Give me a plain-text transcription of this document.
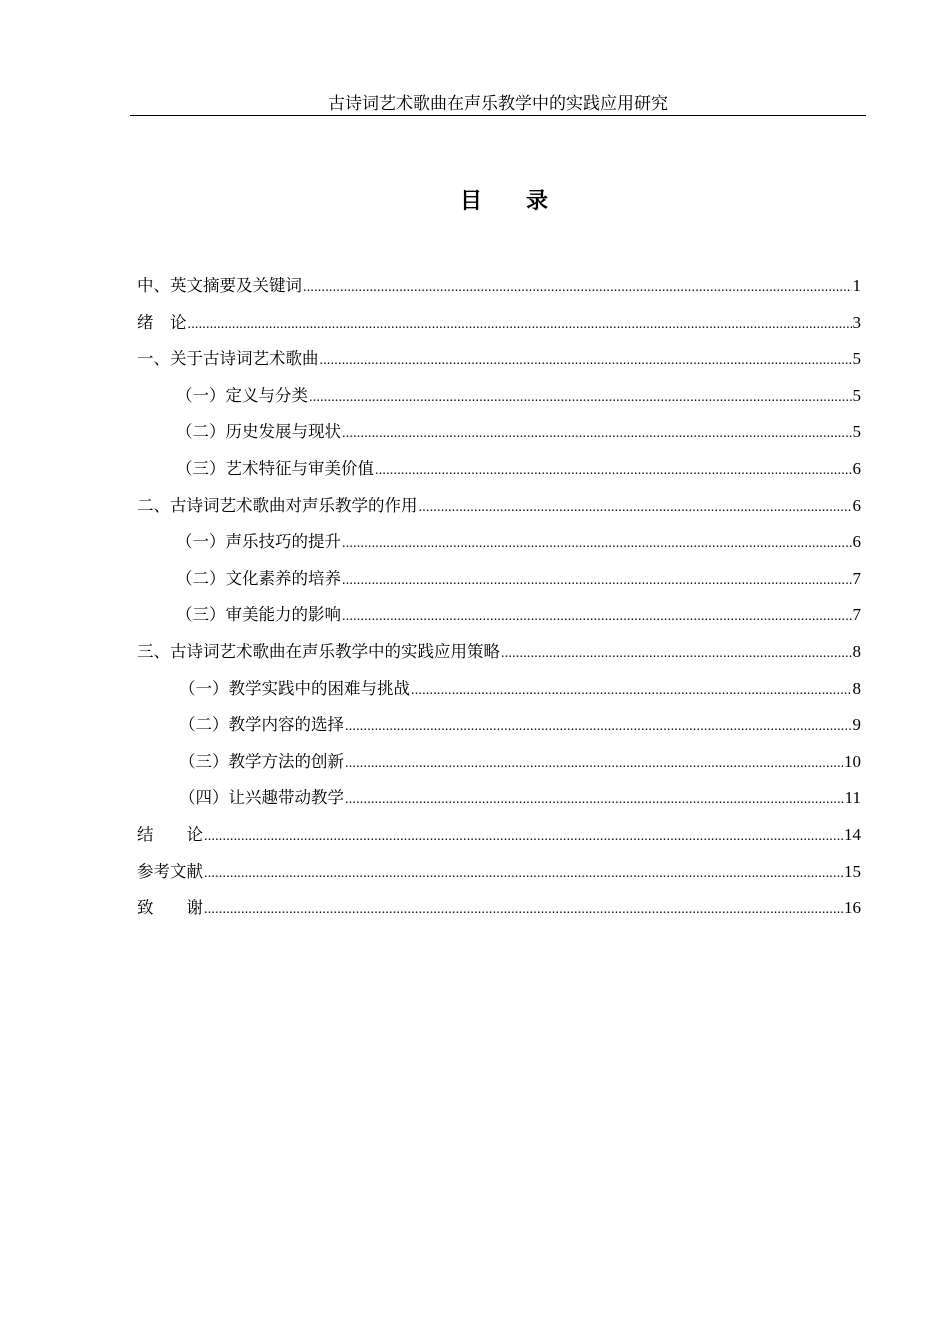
古诗词艺术歌曲在声乐教学中的实践应用研究
目 录
中、英文摘要及关键词 .....	1
绪　论 .....	3
一、关于古诗词艺术歌曲 .....	5
（一）定义与分类 .....	5
（二）历史发展与现状 .....	5
（三）艺术特征与审美价值 .....	6
二、古诗词艺术歌曲对声乐教学的作用 .....	6
（一）声乐技巧的提升 .....	6
（二）文化素养的培养 .....	7
（三）审美能力的影响 .....	7
三、古诗词艺术歌曲在声乐教学中的实践应用策略 .....	8
（一）教学实践中的困难与挑战 .....	8
（二）教学内容的选择 .....	9
（三）教学方法的创新 .....	10
（四）让兴趣带动教学 .....	11
结　　论 .....	14
参考文献 .....	15
致　　谢 .....	16
